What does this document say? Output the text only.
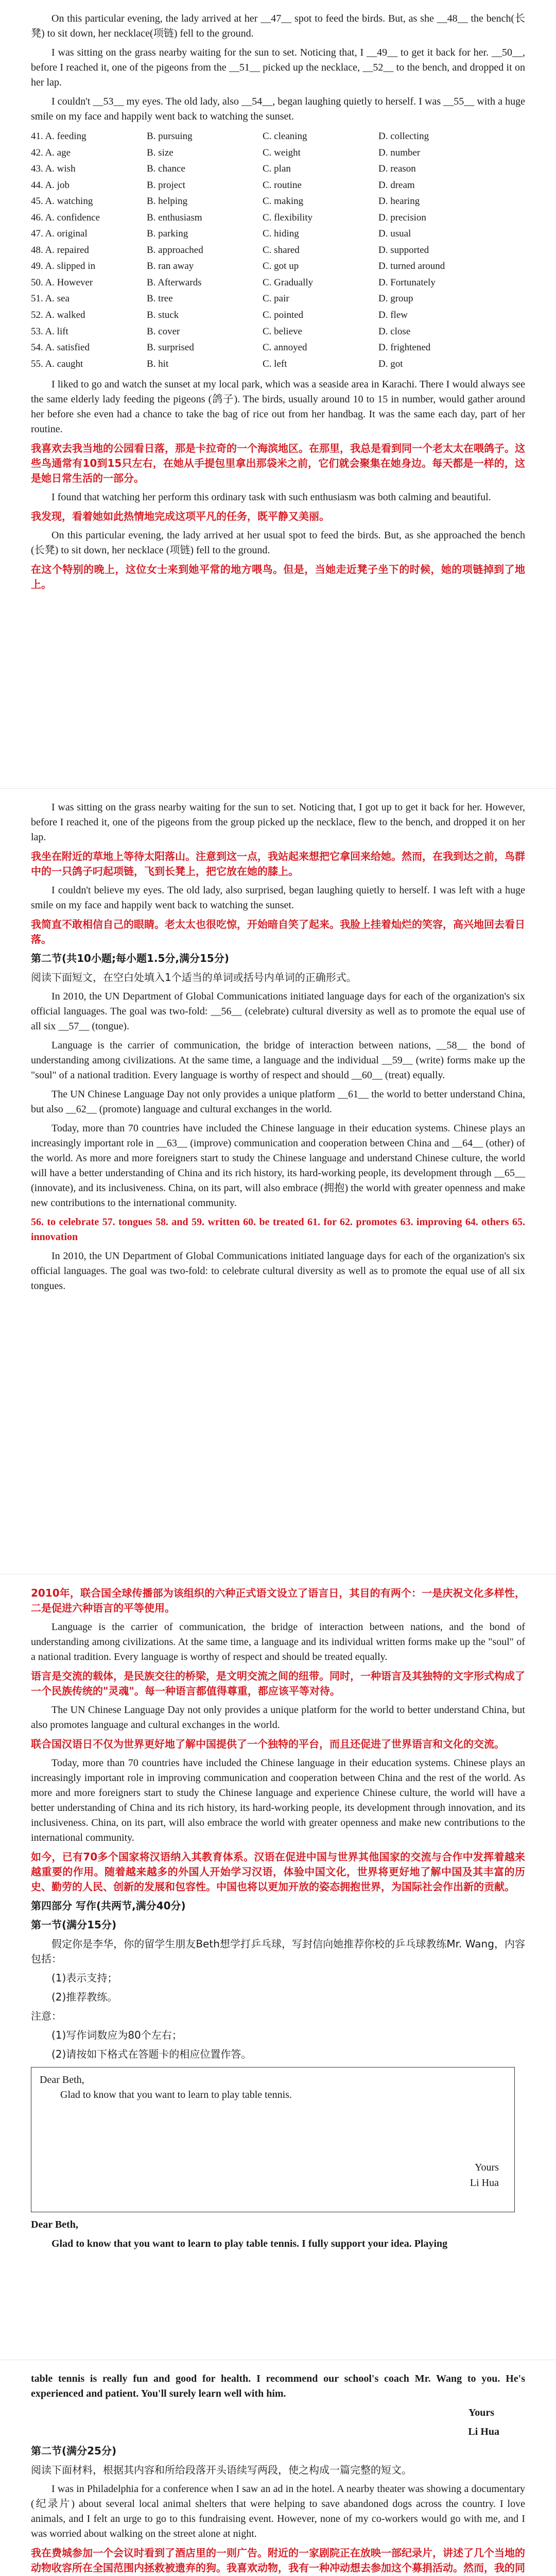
On this particular evening, the lady arrived at her __47__ spot to feed the birds. But, as she __48__ the bench(长凳) to sit down, her necklace(项链) fell to the ground.

I was sitting on the grass nearby waiting for the sun to set. Noticing that, I __49__ to get it back for her. __50__, before I reached it, one of the pigeons from the __51__ picked up the necklace, __52__ to the bench, and dropped it on her lap.

I couldn't __53__ my eyes. The old lady, also __54__, began laughing quietly to herself. I was __55__ with a huge smile on my face and happily went back to watching the sunset.

41. A. feeding	B. pursuing	C. cleaning	D. collecting
42. A. age	B. size	C. weight	D. number
43. A. wish	B. chance	C. plan	D. reason
44. A. job	B. project	C. routine	D. dream
45. A. watching	B. helping	C. making	D. hearing
46. A. confidence	B. enthusiasm	C. flexibility	D. precision
47. A. original	B. parking	C. hiding	D. usual
48. A. repaired	B. approached	C. shared	D. supported
49. A. slipped in	B. ran away	C. got up	D. turned around
50. A. However	B. Afterwards	C. Gradually	D. Fortunately
51. A. sea	B. tree	C. pair	D. group
52. A. walked	B. stuck	C. pointed	D. flew
53. A. lift	B. cover	C. believe	D. close
54. A. satisfied	B. surprised	C. annoyed	D. frightened
55. A. caught	B. hit	C. left	D. got

I liked to go and watch the sunset at my local park, which was a seaside area in Karachi. There I would always see the same elderly lady feeding the pigeons (鸽子). The birds, usually around 10 to 15 in number, would gather around her before she even had a chance to take the bag of rice out from her handbag. It was the same each day, part of her routine.

我喜欢去我当地的公园看日落，那是卡拉奇的一个海滨地区。在那里，我总是看到同一个老太太在喂鸽子。这些鸟通常有10到15只左右，在她从手提包里拿出那袋米之前，它们就会聚集在她身边。每天都是一样的，这是她日常生活的一部分。

I found that watching her perform this ordinary task with such enthusiasm was both calming and beautiful.

我发现，看着她如此热情地完成这项平凡的任务，既平静又美丽。

On this particular evening, the lady arrived at her usual spot to feed the birds. But, as she approached the bench (长凳) to sit down, her necklace (项链) fell to the ground.

在这个特别的晚上，这位女士来到她平常的地方喂鸟。但是，当她走近凳子坐下的时候，她的项链掉到了地上。

I was sitting on the grass nearby waiting for the sun to set. Noticing that, I got up to get it back for her. However, before I reached it, one of the pigeons from the group picked up the necklace, flew to the bench, and dropped it on her lap.

我坐在附近的草地上等待太阳落山。注意到这一点，我站起来想把它拿回来给她。然而，在我到达之前，鸟群中的一只鸽子叼起项链，飞到长凳上，把它放在她的膝上。

I couldn't believe my eyes. The old lady, also surprised, began laughing quietly to herself. I was left with a huge smile on my face and happily went back to watching the sunset.

我简直不敢相信自己的眼睛。老太太也很吃惊，开始暗自笑了起来。我脸上挂着灿烂的笑容，高兴地回去看日落。

第二节(共10小题;每小题1.5分,满分15分)

阅读下面短文，在空白处填入1个适当的单词或括号内单词的正确形式。

In 2010, the UN Department of Global Communications initiated language days for each of the organization's six official languages. The goal was two-fold: __56__ (celebrate) cultural diversity as well as to promote the equal use of all six __57__ (tongue).

Language is the carrier of communication, the bridge of interaction between nations, __58__ the bond of understanding among civilizations. At the same time, a language and the individual __59__ (write) forms make up the "soul" of a national tradition. Every language is worthy of respect and should __60__ (treat) equally.

The UN Chinese Language Day not only provides a unique platform __61__ the world to better understand China, but also __62__ (promote) language and cultural exchanges in the world.

Today, more than 70 countries have included the Chinese language in their education systems. Chinese plays an increasingly important role in __63__ (improve) communication and cooperation between China and __64__ (other) of the world. As more and more foreigners start to study the Chinese language and understand Chinese culture, the world will have a better understanding of China and its rich history, its hard-working people, its development through __65__ (innovate), and its inclusiveness. China, on its part, will also embrace (拥抱) the world with greater openness and make new contributions to the international community.

56. to celebrate 57. tongues 58. and 59. written 60. be treated 61. for 62. promotes 63. improving 64. others 65. innovation

In 2010, the UN Department of Global Communications initiated language days for each of the organization's six official languages. The goal was two-fold: to celebrate cultural diversity as well as to promote the equal use of all six tongues.

2010年，联合国全球传播部为该组织的六种正式语文设立了语言日，其目的有两个：一是庆祝文化多样性，二是促进六种语言的平等使用。

Language is the carrier of communication, the bridge of interaction between nations, and the bond of understanding among civilizations. At the same time, a language and its individual written forms make up the "soul" of a national tradition. Every language is worthy of respect and should be treated equally.

语言是交流的载体，是民族交往的桥梁，是文明交流之间的纽带。同时，一种语言及其独特的文字形式构成了一个民族传统的"灵魂"。每一种语言都值得尊重，都应该平等对待。

The UN Chinese Language Day not only provides a unique platform for the world to better understand China, but also promotes language and cultural exchanges in the world.

联合国汉语日不仅为世界更好地了解中国提供了一个独特的平台，而且还促进了世界语言和文化的交流。

Today, more than 70 countries have included the Chinese language in their education systems. Chinese plays an increasingly important role in improving communication and cooperation between China and the rest of the world. As more and more foreigners start to study the Chinese language and experience Chinese culture, the world will have a better understanding of China and its rich history, its hard-working people, its development through innovation, and its inclusiveness. China, on its part, will also embrace the world with greater openness and make new contributions to the international community.

如今，已有70多个国家将汉语纳入其教育体系。汉语在促进中国与世界其他国家的交流与合作中发挥着越来越重要的作用。随着越来越多的外国人开始学习汉语，体验中国文化，世界将更好地了解中国及其丰富的历史、勤劳的人民、创新的发展和包容性。中国也将以更加开放的姿态拥抱世界，为国际社会作出新的贡献。

第四部分 写作(共两节,满分40分)

第一节(满分15分)

假定你是李华，你的留学生朋友Beth想学打乒乓球，写封信向她推荐你校的乒乓球教练Mr. Wang，内容包括：

(1)表示支持；

(2)推荐教练。

注意：

(1)写作词数应为80个左右；

(2)请按如下格式在答题卡的相应位置作答。

Dear Beth,
Glad to know that you want to learn to play table tennis.
Yours
Li Hua

Dear Beth,

Glad to know that you want to learn to play table tennis. I fully support your idea. Playing

table tennis is really fun and good for health. I recommend our school's coach Mr. Wang to you. He's experienced and patient. You'll surely learn well with him.

Yours

Li Hua

第二节(满分25分)

阅读下面材料，根据其内容和所给段落开头语续写两段，使之构成一篇完整的短文。

I was in Philadelphia for a conference when I saw an ad in the hotel. A nearby theater was showing a documentary (纪录片) about several local animal shelters that were helping to save abandoned dogs across the country. I love animals, and I felt an urge to go to this fundraising event. However, none of my co-workers would go with me, and I was worried about walking on the street alone at night.

我在费城参加一个会议时看到了酒店里的一则广告。附近的一家剧院正在放映一部纪录片，讲述了几个当地的动物收容所在全国范围内拯救被遗弃的狗。我喜欢动物，我有一种冲动想去参加这个募捐活动。然而，我的同
